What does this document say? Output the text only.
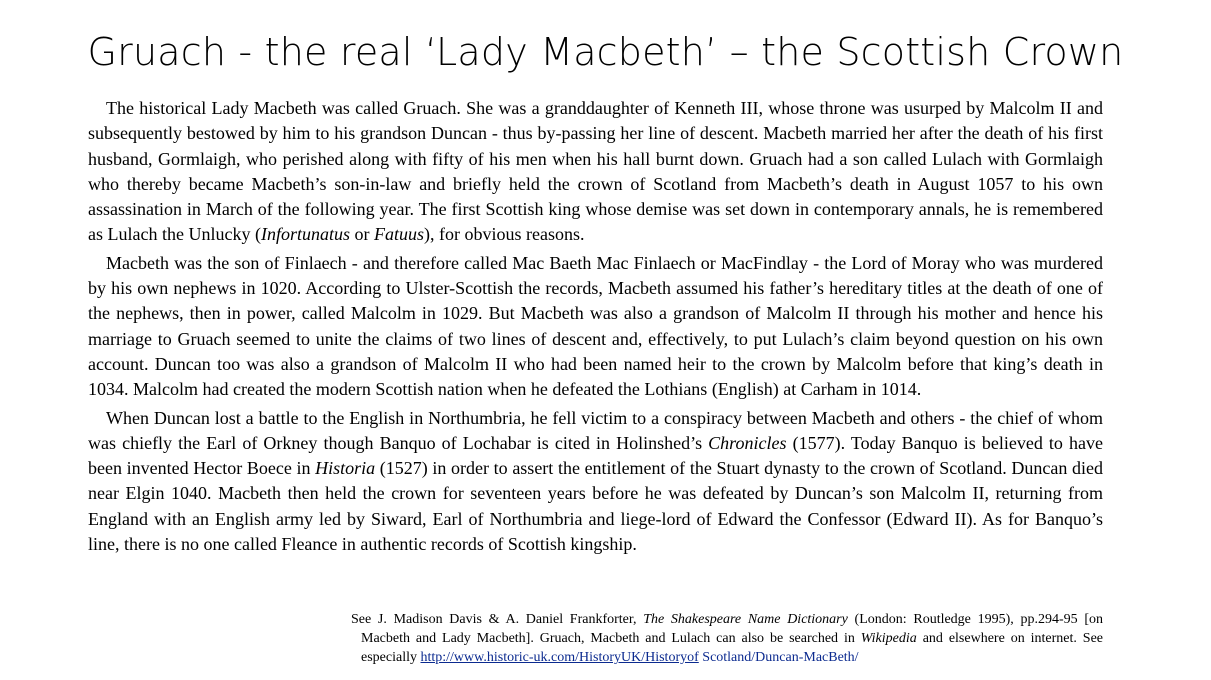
Gruach - the real ‘Lady Macbeth’ – the Scottish Crown

The historical Lady Macbeth was called Gruach. She was a granddaughter of Kenneth III, whose throne was usurped by Malcolm II and subsequently bestowed by him to his grandson Duncan - thus by-passing her line of descent. Macbeth married her after the death of his first husband, Gormlaigh, who perished along with fifty of his men when his hall burnt down. Gruach had a son called Lulach with Gormlaigh who thereby became Macbeth’s son-in-law and briefly held the crown of Scotland from Macbeth’s death in August 1057 to his own assassination in March of the following year. The first Scottish king whose demise was set down in contemporary annals, he is remembered as Lulach the Unlucky (Infortunatus or Fatuus), for obvious reasons.

Macbeth was the son of Finlaech - and therefore called Mac Baeth Mac Finlaech or MacFindlay - the Lord of Moray who was murdered by his own nephews in 1020. According to Ulster-Scottish the records, Macbeth assumed his father’s hereditary titles at the death of one of the nephews, then in power, called Malcolm in 1029. But Macbeth was also a grandson of Malcolm II through his mother and hence his marriage to Gruach seemed to unite the claims of two lines of descent and, effectively, to put Lulach’s claim beyond question on his own account. Duncan too was also a grandson of Malcolm II who had been named heir to the crown by Malcolm before that king’s death in 1034. Malcolm had created the modern Scottish nation when he defeated the Lothians (English) at Carham in 1014.

When Duncan lost a battle to the English in Northumbria, he fell victim to a conspiracy between Macbeth and others - the chief of whom was chiefly the Earl of Orkney though Banquo of Lochabar is cited in Holinshed’s Chronicles (1577). Today Banquo is believed to have been invented Hector Boece in Historia (1527) in order to assert the entitlement of the Stuart dynasty to the crown of Scotland. Duncan died near Elgin 1040. Macbeth then held the crown for seventeen years before he was defeated by Duncan’s son Malcolm II, returning from England with an English army led by Siward, Earl of Northumbria and liege-lord of Edward the Confessor (Edward II). As for Banquo’s line, there is no one called Fleance in authentic records of Scottish kingship.

See J. Madison Davis & A. Daniel Frankforter, The Shakespeare Name Dictionary (London: Routledge 1995), pp.294-95 [on Macbeth and Lady Macbeth]. Gruach, Macbeth and Lulach can also be searched in Wikipedia and elsewhere on internet. See especially http://www.historic-uk.com/HistoryUK/Historyof Scotland/Duncan-MacBeth/
